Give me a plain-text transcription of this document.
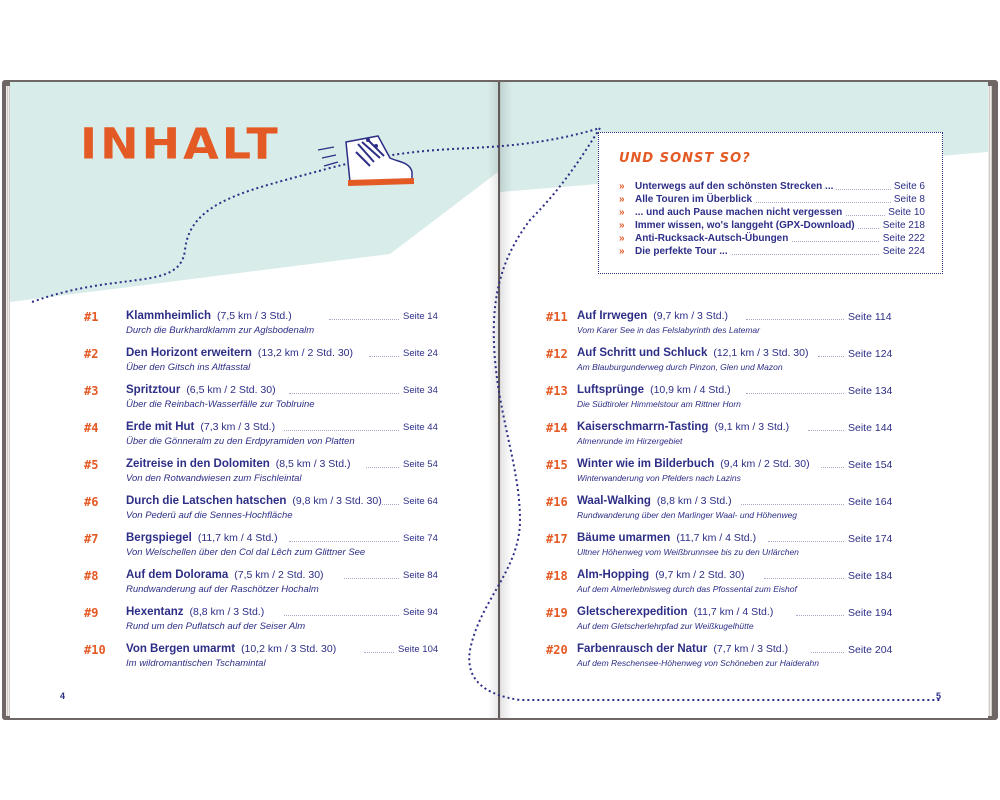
INHALT
#1 Klammheimlich (7,5 km / 3 Std.)	Seite 14
Durch die Burkhardklamm zur Aglsbodenalm
#2 Den Horizont erweitern (13,2 km / 2 Std. 30)	Seite 24
Über den Gitsch ins Altfasstal
#3 Spritztour (6,5 km / 2 Std. 30)	Seite 34
Über die Reinbach-Wasserfälle zur Toblruine
#4 Erde mit Hut (7,3 km / 3 Std.)	Seite 44
Über die Gönneralm zu den Erdpyramiden von Platten
#5 Zeitreise in den Dolomiten (8,5 km / 3 Std.)	Seite 54
Von den Rotwandwiesen zum Fischleintal
#6 Durch die Latschen hatschen (9,8 km / 3 Std. 30) Seite 64
Von Pederü auf die Sennes-Hochfläche
#7 Bergspiegel (11,7 km / 4 Std.)	Seite 74
Von Welschellen über den Col dal Lêch zum Glittner See
#8 Auf dem Dolorama (7,5 km / 2 Std. 30)	Seite 84
Rundwanderung auf der Raschötzer Hochalm
#9 Hexentanz (8,8 km / 3 Std.)	Seite 94
Rund um den Puflatsch auf der Seiser Alm
#10 Von Bergen umarmt (10,2 km / 3 Std. 30)	Seite 104
Im wildromantischen Tschamintal
4
UND SONST SO?
» Unterwegs auf den schönsten Strecken ...	Seite 6
» Alle Touren im Überblick	Seite 8
» ... und auch Pause machen nicht vergessen	Seite 10
» Immer wissen, wo's langgeht (GPX-Download)	Seite 218
» Anti-Rucksack-Autsch-Übungen	Seite 222
» Die perfekte Tour ...	Seite 224
#11 Auf Irrwegen (9,7 km / 3 Std.)	Seite 114
Vom Karer See in das Felslabyrinth des Latemar
#12 Auf Schritt und Schluck (12,1 km / 3 Std. 30)	Seite 124
Am Blauburgunderweg durch Pinzon, Glen und Mazon
#13 Luftsprünge (10,9 km / 4 Std.)	Seite 134
Die Südtiroler Himmelstour am Rittner Horn
#14 Kaiserschmarrn-Tasting (9,1 km / 3 Std.)	Seite 144
Almenrunde im Hirzergebiet
#15 Winter wie im Bilderbuch (9,4 km / 2 Std. 30)	Seite 154
Winterwanderung von Pfelders nach Lazins
#16 Waal-Walking (8,8 km / 3 Std.)	Seite 164
Rundwanderung über den Marlinger Waal- und Höhenweg
#17 Bäume umarmen (11,7 km / 4 Std.)	Seite 174
Ultner Höhenweg vom Weißbrunnsee bis zu den Urlärchen
#18 Alm-Hopping (9,7 km / 2 Std. 30)	Seite 184
Auf dem Almerlebnisweg durch das Pfossental zum Eishof
#19 Gletscherexpedition (11,7 km / 4 Std.)	Seite 194
Auf dem Gletscherlehrpfad zur Weißkugelhütte
#20 Farbenrausch der Natur (7,7 km / 3 Std.)	Seite 204
Auf dem Reschensee-Höhenweg von Schöneben zur Haiderahn
5
